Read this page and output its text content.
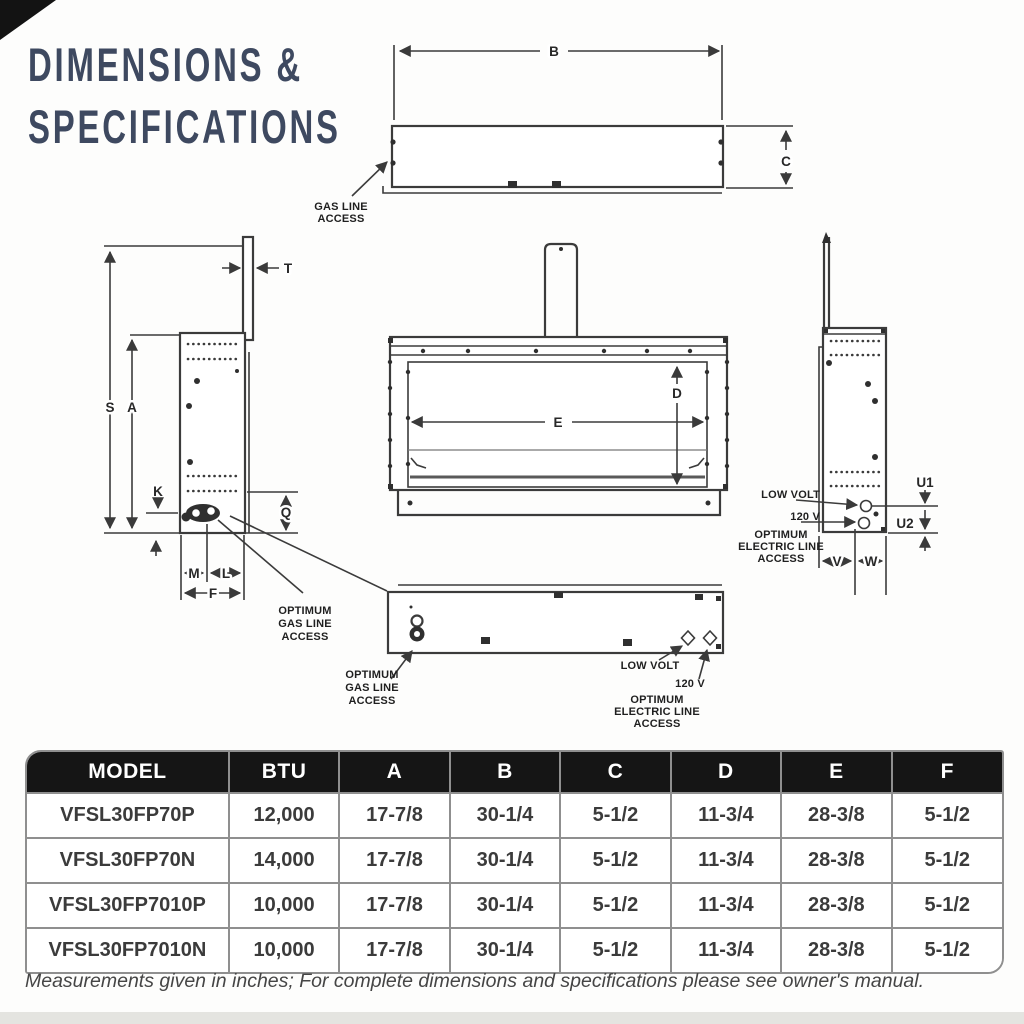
DIMENSIONS &
SPECIFICATIONS
B
C
GAS LINE
ACCESS
T
S A
K
Q
M L
F
OPTIMUM
GAS LINE
ACCESS
E
D
U1
U2
V W
LOW VOLT
120 V
OPTIMUM
ELECTRIC LINE
ACCESS
OPTIMUM
GAS LINE
ACCESS
LOW VOLT
120 V
OPTIMUM
ELECTRIC LINE
ACCESS
MODEL	BTU	A	B	C	D	E	F
VFSL30FP70P	12,000	17-7/8	30-1/4	5-1/2	11-3/4	28-3/8	5-1/2
VFSL30FP70N	14,000	17-7/8	30-1/4	5-1/2	11-3/4	28-3/8	5-1/2
VFSL30FP7010P	10,000	17-7/8	30-1/4	5-1/2	11-3/4	28-3/8	5-1/2
VFSL30FP7010N	10,000	17-7/8	30-1/4	5-1/2	11-3/4	28-3/8	5-1/2
Measurements given in inches; For complete dimensions and specifications please see owner's manual.
